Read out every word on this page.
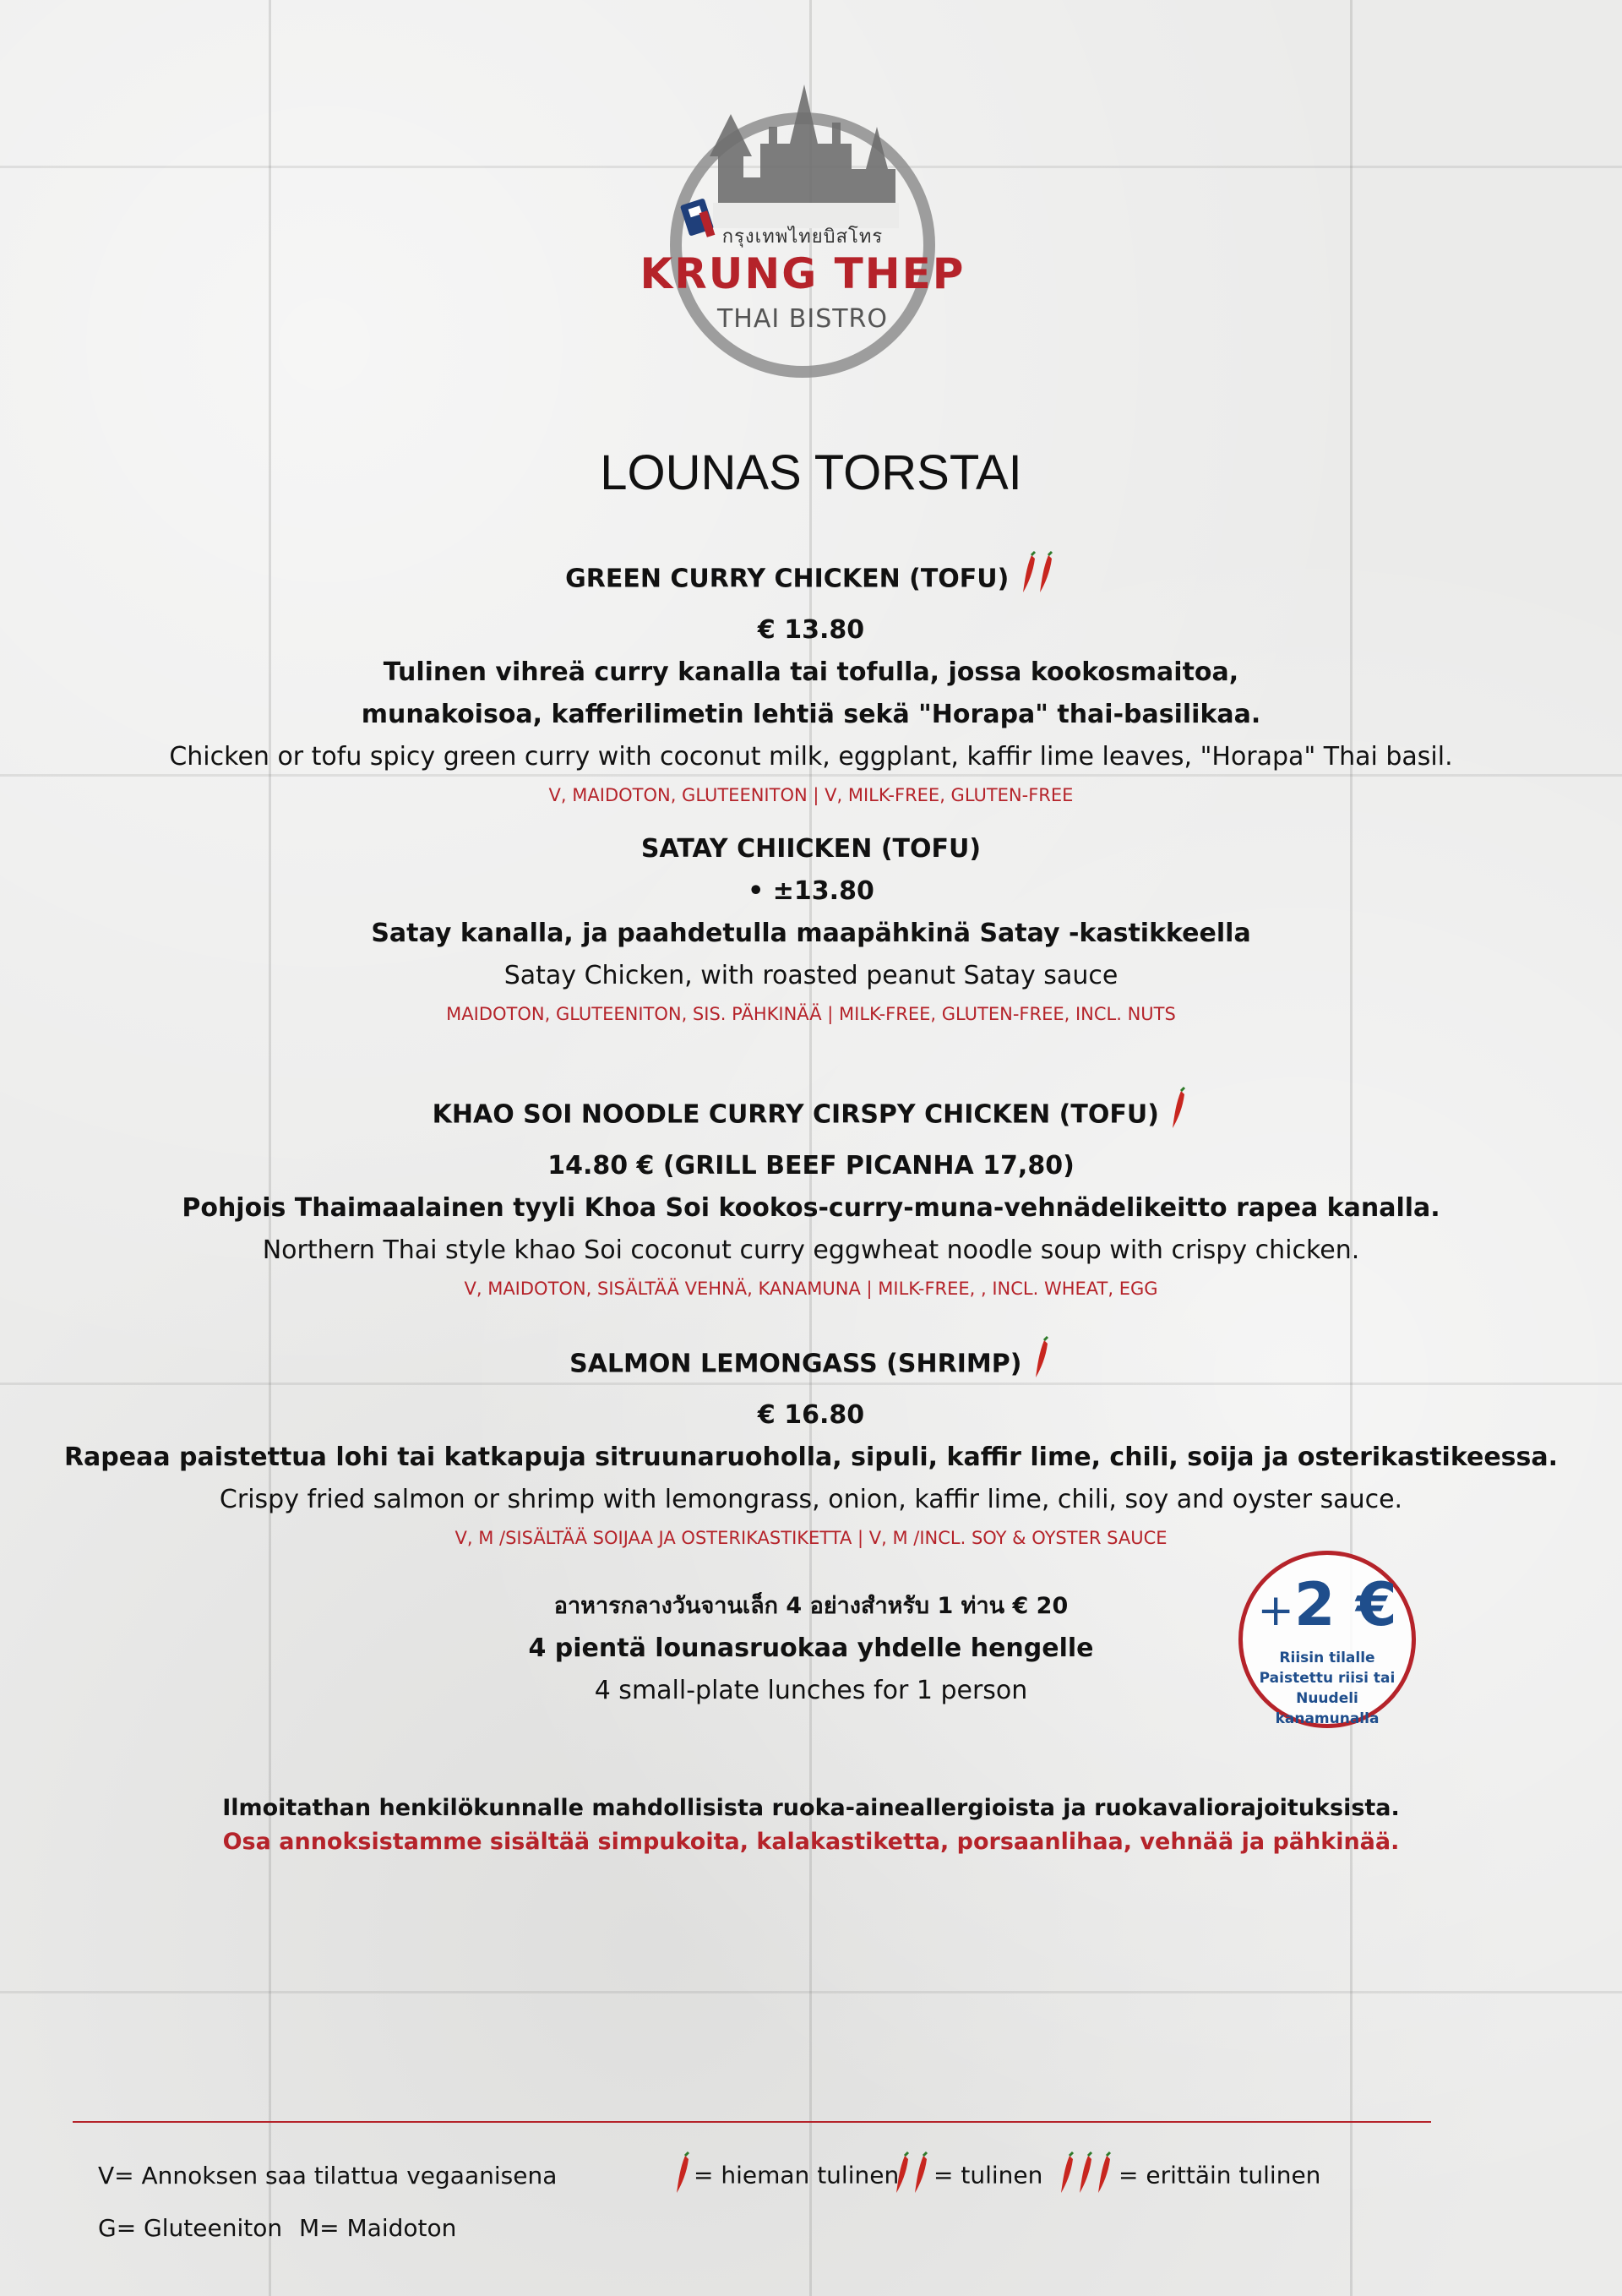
กรุงเทพไทยบิสโทร
KRUNG THEP
THAI BISTRO
LOUNAS TORSTAI
GREEN CURRY CHICKEN (TOFU)
€ 13.80
Tulinen vihreä curry kanalla tai tofulla, jossa kookosmaitoa,
munakoisoa, kafferilimetin lehtiä sekä "Horapa" thai-basilikaa.
Chicken or tofu spicy green curry with coconut milk, eggplant, kaffir lime leaves, "Horapa" Thai basil.
V, MAIDOTON, GLUTEENITON | V, MILK-FREE, GLUTEN-FREE
SATAY CHIICKEN (TOFU)
• ±13.80
Satay kanalla, ja paahdetulla maapähkinä Satay -kastikkeella
Satay Chicken, with roasted peanut Satay sauce
MAIDOTON, GLUTEENITON, SIS. PÄHKINÄÄ | MILK-FREE, GLUTEN-FREE, INCL. NUTS
KHAO SOI NOODLE CURRY CIRSPY CHICKEN (TOFU)
14.80 € (GRILL BEEF PICANHA 17,80)
Pohjois Thaimaalainen tyyli Khoa Soi kookos-curry-muna-vehnädelikeitto rapea kanalla.
Northern Thai style khao Soi coconut curry eggwheat noodle soup with crispy chicken.
V, MAIDOTON, SISÄLTÄÄ VEHNÄ, KANAMUNA | MILK-FREE, , INCL. WHEAT, EGG
SALMON LEMONGASS (SHRIMP)
€ 16.80
Rapeaa paistettua lohi tai katkapuja sitruunaruoholla, sipuli, kaffir lime, chili, soija ja osterikastikeessa.
Crispy fried salmon or shrimp with lemongrass, onion, kaffir lime, chili, soy and oyster sauce.
V, M /SISÄLTÄÄ SOIJAA JA OSTERIKASTIKETTA | V, M /INCL. SOY & OYSTER SAUCE
อาหารกลางวันจานเล็ก 4 อย่างสำหรับ 1 ท่าน € 20
4 pientä lounasruokaa yhdelle hengelle
4 small-plate lunches for 1 person
+2 €
Riisin tilalle
Paistettu riisi tai
Nuudeli kanamunalla
Ilmoitathan henkilökunnalle mahdollisista ruoka-aineallergioista ja ruokavaliorajoituksista.
Osa annoksistamme sisältää simpukoita, kalakastiketta, porsaanlihaa, vehnää ja pähkinää.
V= Annoksen saa tilattua vegaanisena
G= Gluteeniton M= Maidoton
= hieman tulinen	= tulinen	= erittäin tulinen
